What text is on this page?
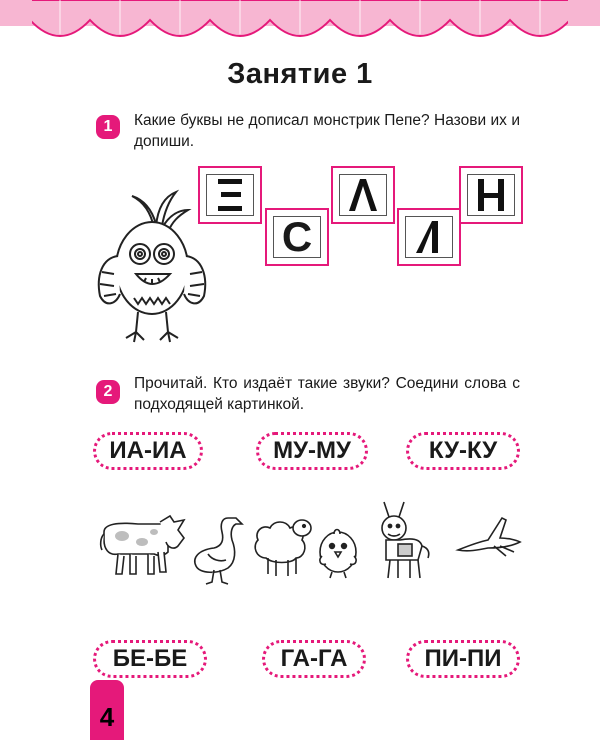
Занятие 1
1	Какие буквы не дописал монстрик Пепе? Назови их и допиши.
С
2	Прочитай. Кто издаёт такие звуки? Соедини слова с подходящей картинкой.
ИА-ИА	МУ-МУ	КУ-КУ
БЕ-БЕ	ГА-ГА	ПИ-ПИ
4
